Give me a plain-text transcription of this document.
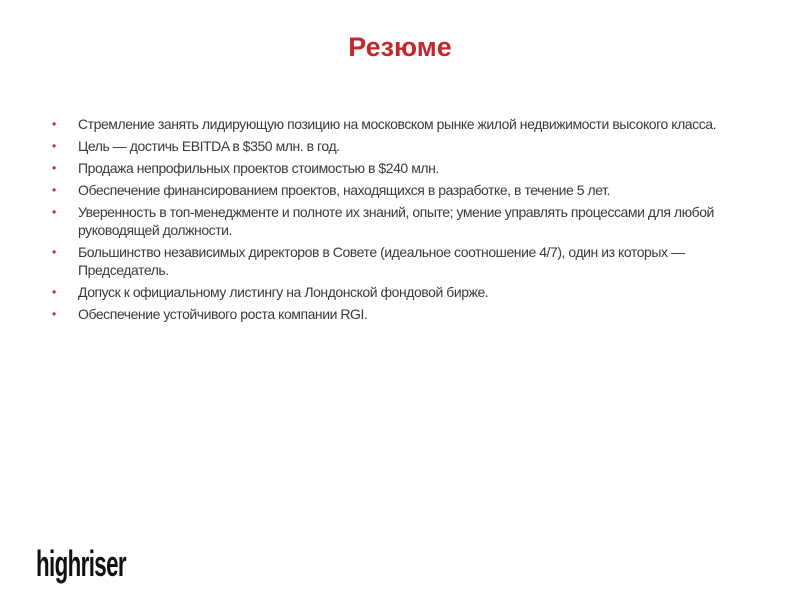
Резюме
• Стремление занять лидирующую позицию на московском рынке жилой недвижимости высокого класса.
• Цель — достичь EBITDA в $350 млн. в год.
• Продажа непрофильных проектов стоимостью в $240 млн.
• Обеспечение финансированием проектов, находящихся в разработке, в течение 5 лет.
• Уверенность в топ-менеджменте и полноте их знаний, опыте; умение управлять процессами для любой руководящей должности.
• Большинство независимых директоров в Совете (идеальное соотношение 4/7), один из которых — Председатель.
• Допуск к официальному листингу на Лондонской фондовой бирже.
• Обеспечение устойчивого роста компании RGI.
highriser
